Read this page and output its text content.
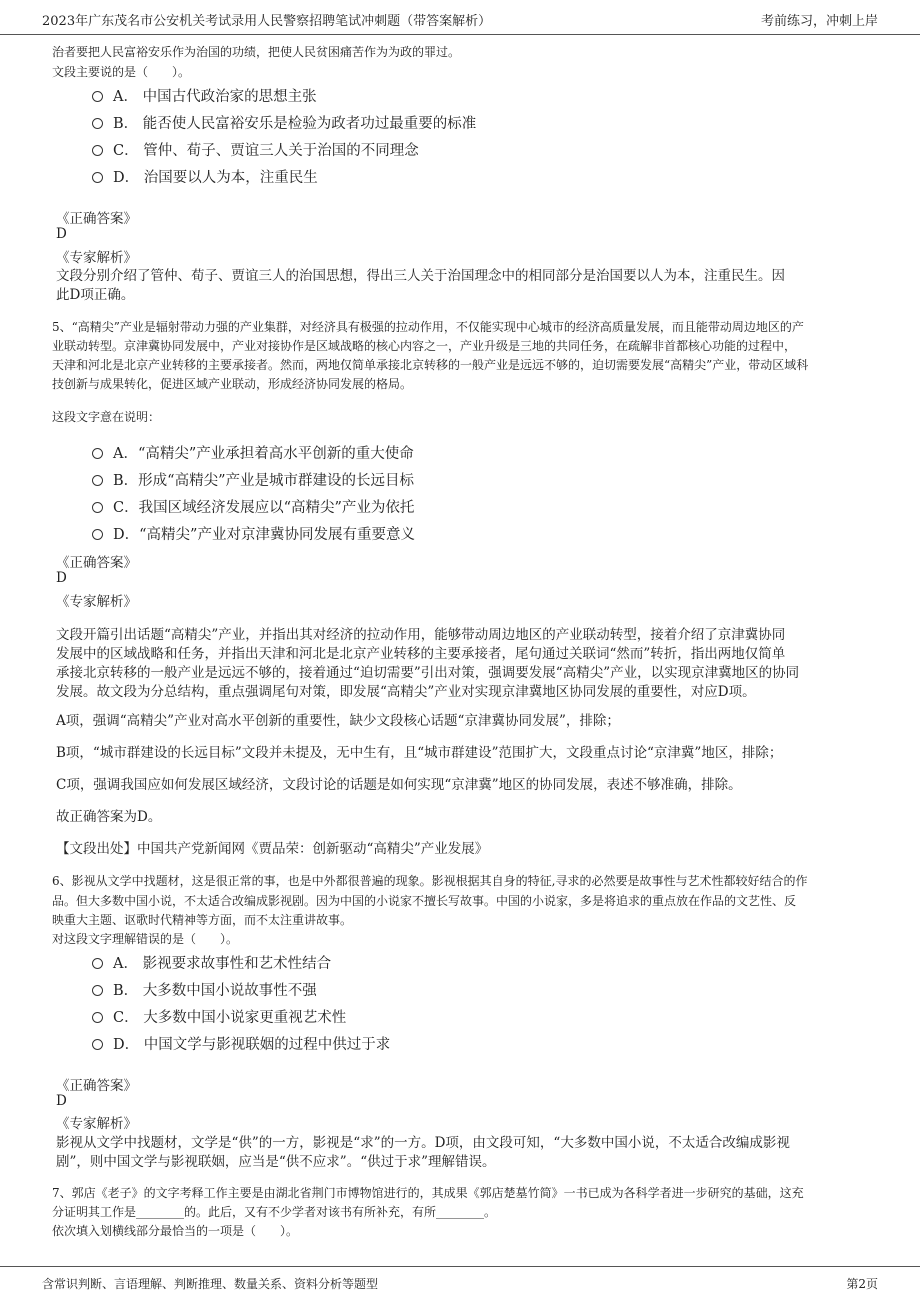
2023年广东茂名市公安机关考试录用人民警察招聘笔试冲刺题（带答案解析）	考前练习，冲刺上岸
治者要把人民富裕安乐作为治国的功绩，把使人民贫困痛苦作为为政的罪过。
文段主要说的是（　　）。
A． 中国古代政治家的思想主张
B． 能否使人民富裕安乐是检验为政者功过最重要的标准
C． 管仲、荀子、贾谊三人关于治国的不同理念
D． 治国要以人为本，注重民生
《正确答案》
D
《专家解析》
文段分别介绍了管仲、荀子、贾谊三人的治国思想，得出三人关于治国理念中的相同部分是治国要以人为本，注重民生。因
此D项正确。
5、“高精尖”产业是辐射带动力强的产业集群，对经济具有极强的拉动作用，不仅能实现中心城市的经济高质量发展，而且能带动周边地区的产
业联动转型。京津冀协同发展中，产业对接协作是区域战略的核心内容之一，产业升级是三地的共同任务，在疏解非首都核心功能的过程中，
天津和河北是北京产业转移的主要承接者。然而，两地仅简单承接北京转移的一般产业是远远不够的，迫切需要发展“高精尖”产业，带动区域科
技创新与成果转化，促进区域产业联动，形成经济协同发展的格局。
这段文字意在说明：
A．“高精尖”产业承担着高水平创新的重大使命
B．形成“高精尖”产业是城市群建设的长远目标
C．我国区域经济发展应以“高精尖”产业为依托
D．“高精尖”产业对京津冀协同发展有重要意义
《正确答案》
D
《专家解析》
文段开篇引出话题“高精尖”产业，并指出其对经济的拉动作用，能够带动周边地区的产业联动转型，接着介绍了京津冀协同
发展中的区域战略和任务，并指出天津和河北是北京产业转移的主要承接者，尾句通过关联词“然而”转折，指出两地仅简单
承接北京转移的一般产业是远远不够的，接着通过“迫切需要”引出对策，强调要发展“高精尖”产业，以实现京津冀地区的协同
发展。故文段为分总结构，重点强调尾句对策，即发展“高精尖”产业对实现京津冀地区协同发展的重要性，对应D项。
A项，强调“高精尖”产业对高水平创新的重要性，缺少文段核心话题“京津冀协同发展”，排除；
B项，“城市群建设的长远目标”文段并未提及，无中生有，且“城市群建设”范围扩大，文段重点讨论“京津冀”地区，排除；
C项，强调我国应如何发展区域经济，文段讨论的话题是如何实现“京津冀”地区的协同发展，表述不够准确，排除。
故正确答案为D。
【文段出处】中国共产党新闻网《贾品荣：创新驱动“高精尖”产业发展》
6、影视从文学中找题材，这是很正常的事，也是中外都很普遍的现象。影视根据其自身的特征,寻求的必然要是故事性与艺术性都较好结合的作
品。但大多数中国小说，不太适合改编成影视剧。因为中国的小说家不擅长写故事。中国的小说家，多是将追求的重点放在作品的文艺性、反
映重大主题、讴歌时代精神等方面，而不太注重讲故事。
对这段文字理解错误的是（　　）。
A． 影视要求故事性和艺术性结合
B． 大多数中国小说故事性不强
C． 大多数中国小说家更重视艺术性
D． 中国文学与影视联姻的过程中供过于求
《正确答案》
D
《专家解析》
影视从文学中找题材，文学是“供”的一方，影视是“求”的一方。D项，由文段可知，“大多数中国小说，不太适合改编成影视
剧”，则中国文学与影视联姻，应当是“供不应求”。“供过于求”理解错误。
7、郭店《老子》的文字考释工作主要是由湖北省荆门市博物馆进行的，其成果《郭店楚墓竹简》一书已成为各科学者进一步研究的基础，这充
分证明其工作是________的。此后，又有不少学者对该书有所补充，有所________。
依次填入划横线部分最恰当的一项是（　　）。
含常识判断、言语理解、判断推理、数量关系、资料分析等题型	第2页
